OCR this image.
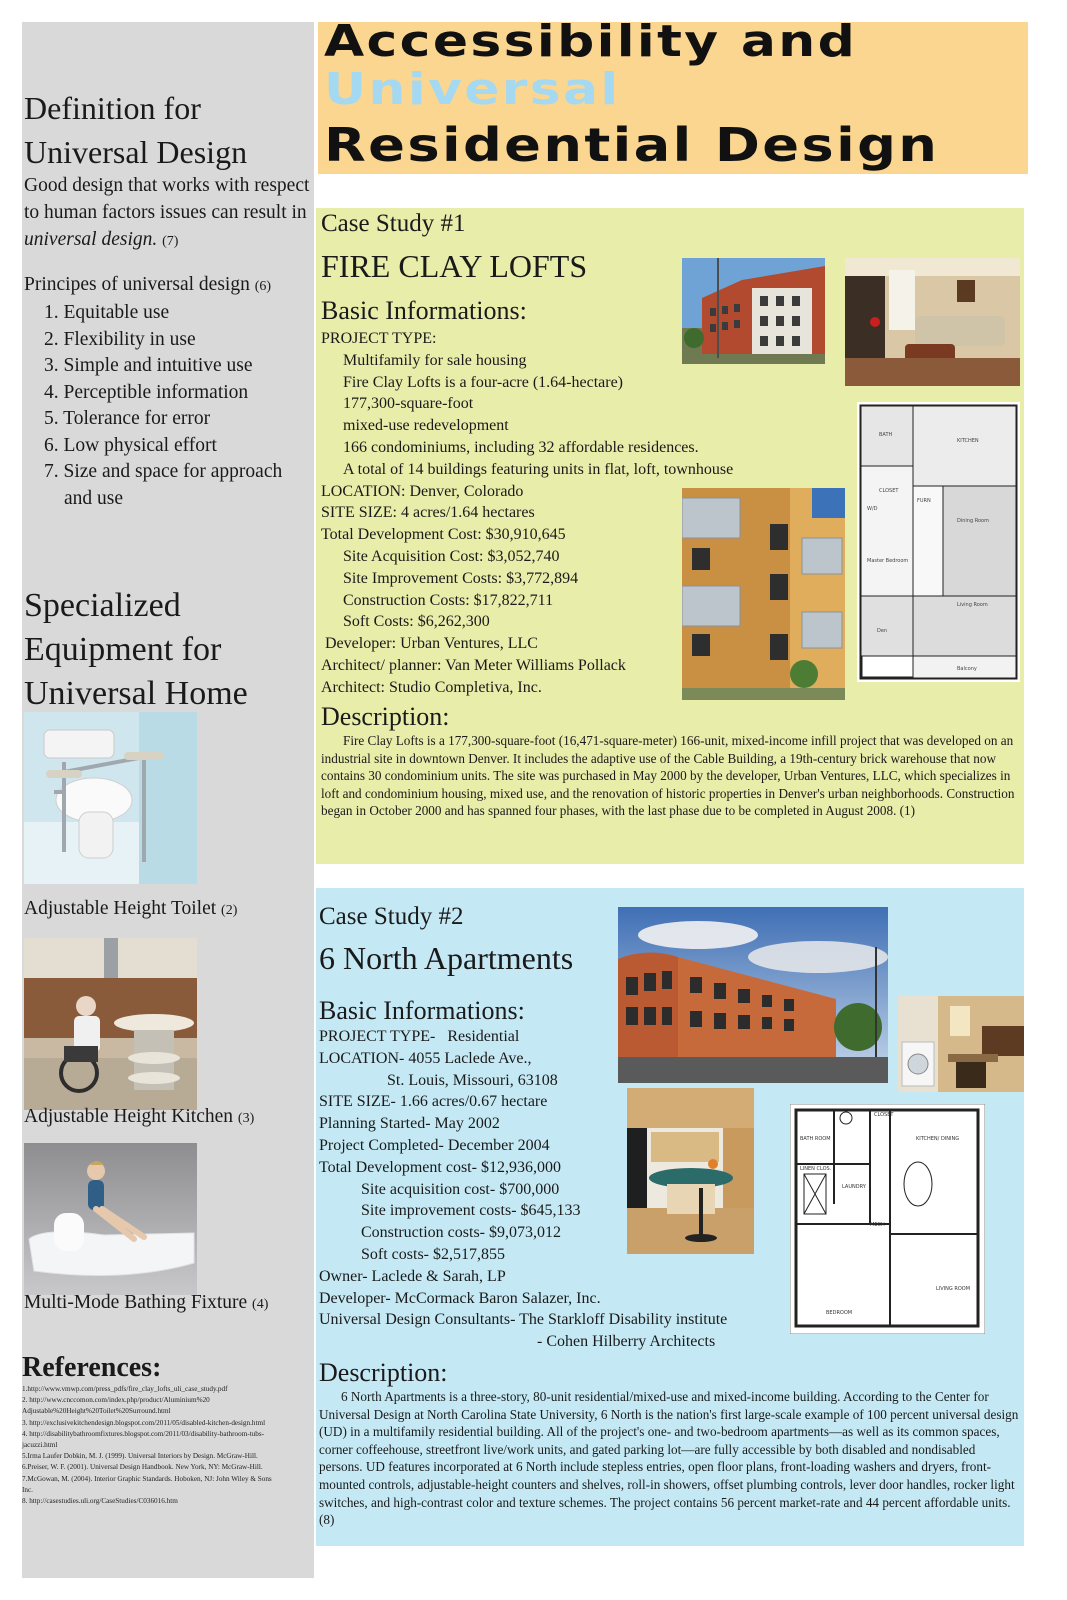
Definition for Universal Design

Good design that works with respect to human factors issues can result in universal design. (7)

Principes of universal design (6)

1. Equitable use
2. Flexibility in use
3. Simple and intuitive use
4. Perceptible information
5. Tolerance for error
6. Low physical effort
7. Size and space for approach and use
Specialized Equipment for Universal Home

Adjustable Height Toilet (2)

Adjustable Height Kitchen (3)

Multi-Mode Bathing Fixture (4)

References:
1.http://www.vmwp.com/press_pdfs/fire_clay_lofts_uli_case_study.pdf
2. http://www.cnccomon.com/index.php/product/Aluminium%20 Adjustable%20Height%20Toilet%20Surround.html
3. http://exclusivekitchendesign.blogspot.com/2011/05/disabled-kitchen-design.html
4. http://disabilitybathroomfixtures.blogspot.com/2011/03/disability-bathroom-tubs-jacuzzi.html
5.Irma Laufer Dobkin, M. J. (1999). Universal Interiors by Design. McGraw-Hill.
6.Preiser, W. F. (2001). Universal Design Handbook. New York, NY: McGraw-Hill.
7.McGowan, M. (2004). Interior Graphic Standards. Hoboken, NJ: John Wiley & Sons Inc.
8. http://casestudies.uli.org/CaseStudies/C036016.htm
Accessibility and
Universal
Residential Design
Case Study #1
FIRE CLAY LOFTS
Basic Informations:
PROJECT TYPE:
Multifamily for sale housing
Fire Clay Lofts is a four-acre (1.64-hectare)
177,300-square-foot
mixed-use redevelopment
166 condominiums, including 32 affordable residences.
A total of 14 buildings featuring units in flat, loft, townhouse
LOCATION: Denver, Colorado
SITE SIZE: 4 acres/1.64 hectares
Total Development Cost: $30,910,645
Site Acquisition Cost: $3,052,740
Site Improvement Costs: $3,772,894
Construction Costs: $17,822,711
Soft Costs: $6,262,300
Developer: Urban Ventures, LLC
Architect/ planner: Van Meter Williams Pollack
Architect: Studio Completiva, Inc.
BATH
KITCHEN
CLOSET
W/D
FURN
Dining Room
Master Bedroom
Living Room
Den
Balcony
Description:

Fire Clay Lofts is a 177,300-square-foot (16,471-square-meter) 166-unit, mixed-income infill project that was developed on an industrial site in downtown Denver. It includes the adaptive use of the Cable Building, a 19th-century brick warehouse that now contains 30 condominium units. The site was purchased in May 2000 by the developer, Urban Ventures, LLC, which specializes in loft and condominium housing, mixed use, and the renovation of historic properties in Denver's urban neighborhoods. Construction began in October 2000 and has spanned four phases, with the last phase due to be completed in August 2008. (1)

Case Study #2
6 North Apartments
Basic Informations:
PROJECT TYPE-   Residential
LOCATION- 4055 Laclede Ave.,
St. Louis, Missouri, 63108
SITE SIZE- 1.66 acres/0.67 hectare
Planning Started- May 2002
Project Completed- December 2004
Total Development cost- $12,936,000
Site acquisition cost- $700,000
Site improvement costs- $645,133
Construction costs- $9,073,012
Soft costs- $2,517,855
Owner- Laclede & Sarah, LP
Developer- McCormack Baron Salazer, Inc.
Universal Design Consultants- The Starkloff Disability institute
- Cohen Hilberry Architects
BATH ROOM
CLOSET
KITCHEN/ DINING
LINEN CLOS.
LAUNDRY
MECH
LIVING ROOM
BEDROOM
Description:

6 North Apartments is a three-story, 80-unit residential/mixed-use and mixed-income building. According to the Center for Universal Design at North Carolina State University, 6 North is the nation's first large-scale example of 100 percent universal design (UD) in a multifamily residential building. All of the project's one- and two-bedroom apartments—as well as its common spaces, corner coffeehouse, streetfront live/work units, and gated parking lot—are fully accessible by both disabled and nondisabled persons. UD features incorporated at 6 North include stepless entries, open floor plans, front-loading washers and dryers, front-mounted controls, adjustable-height counters and shelves, roll-in showers, offset plumbing controls, lever door handles, rocker light switches, and high-contrast color and texture schemes. The project contains 56 percent market-rate and 44 percent affordable units. (8)
